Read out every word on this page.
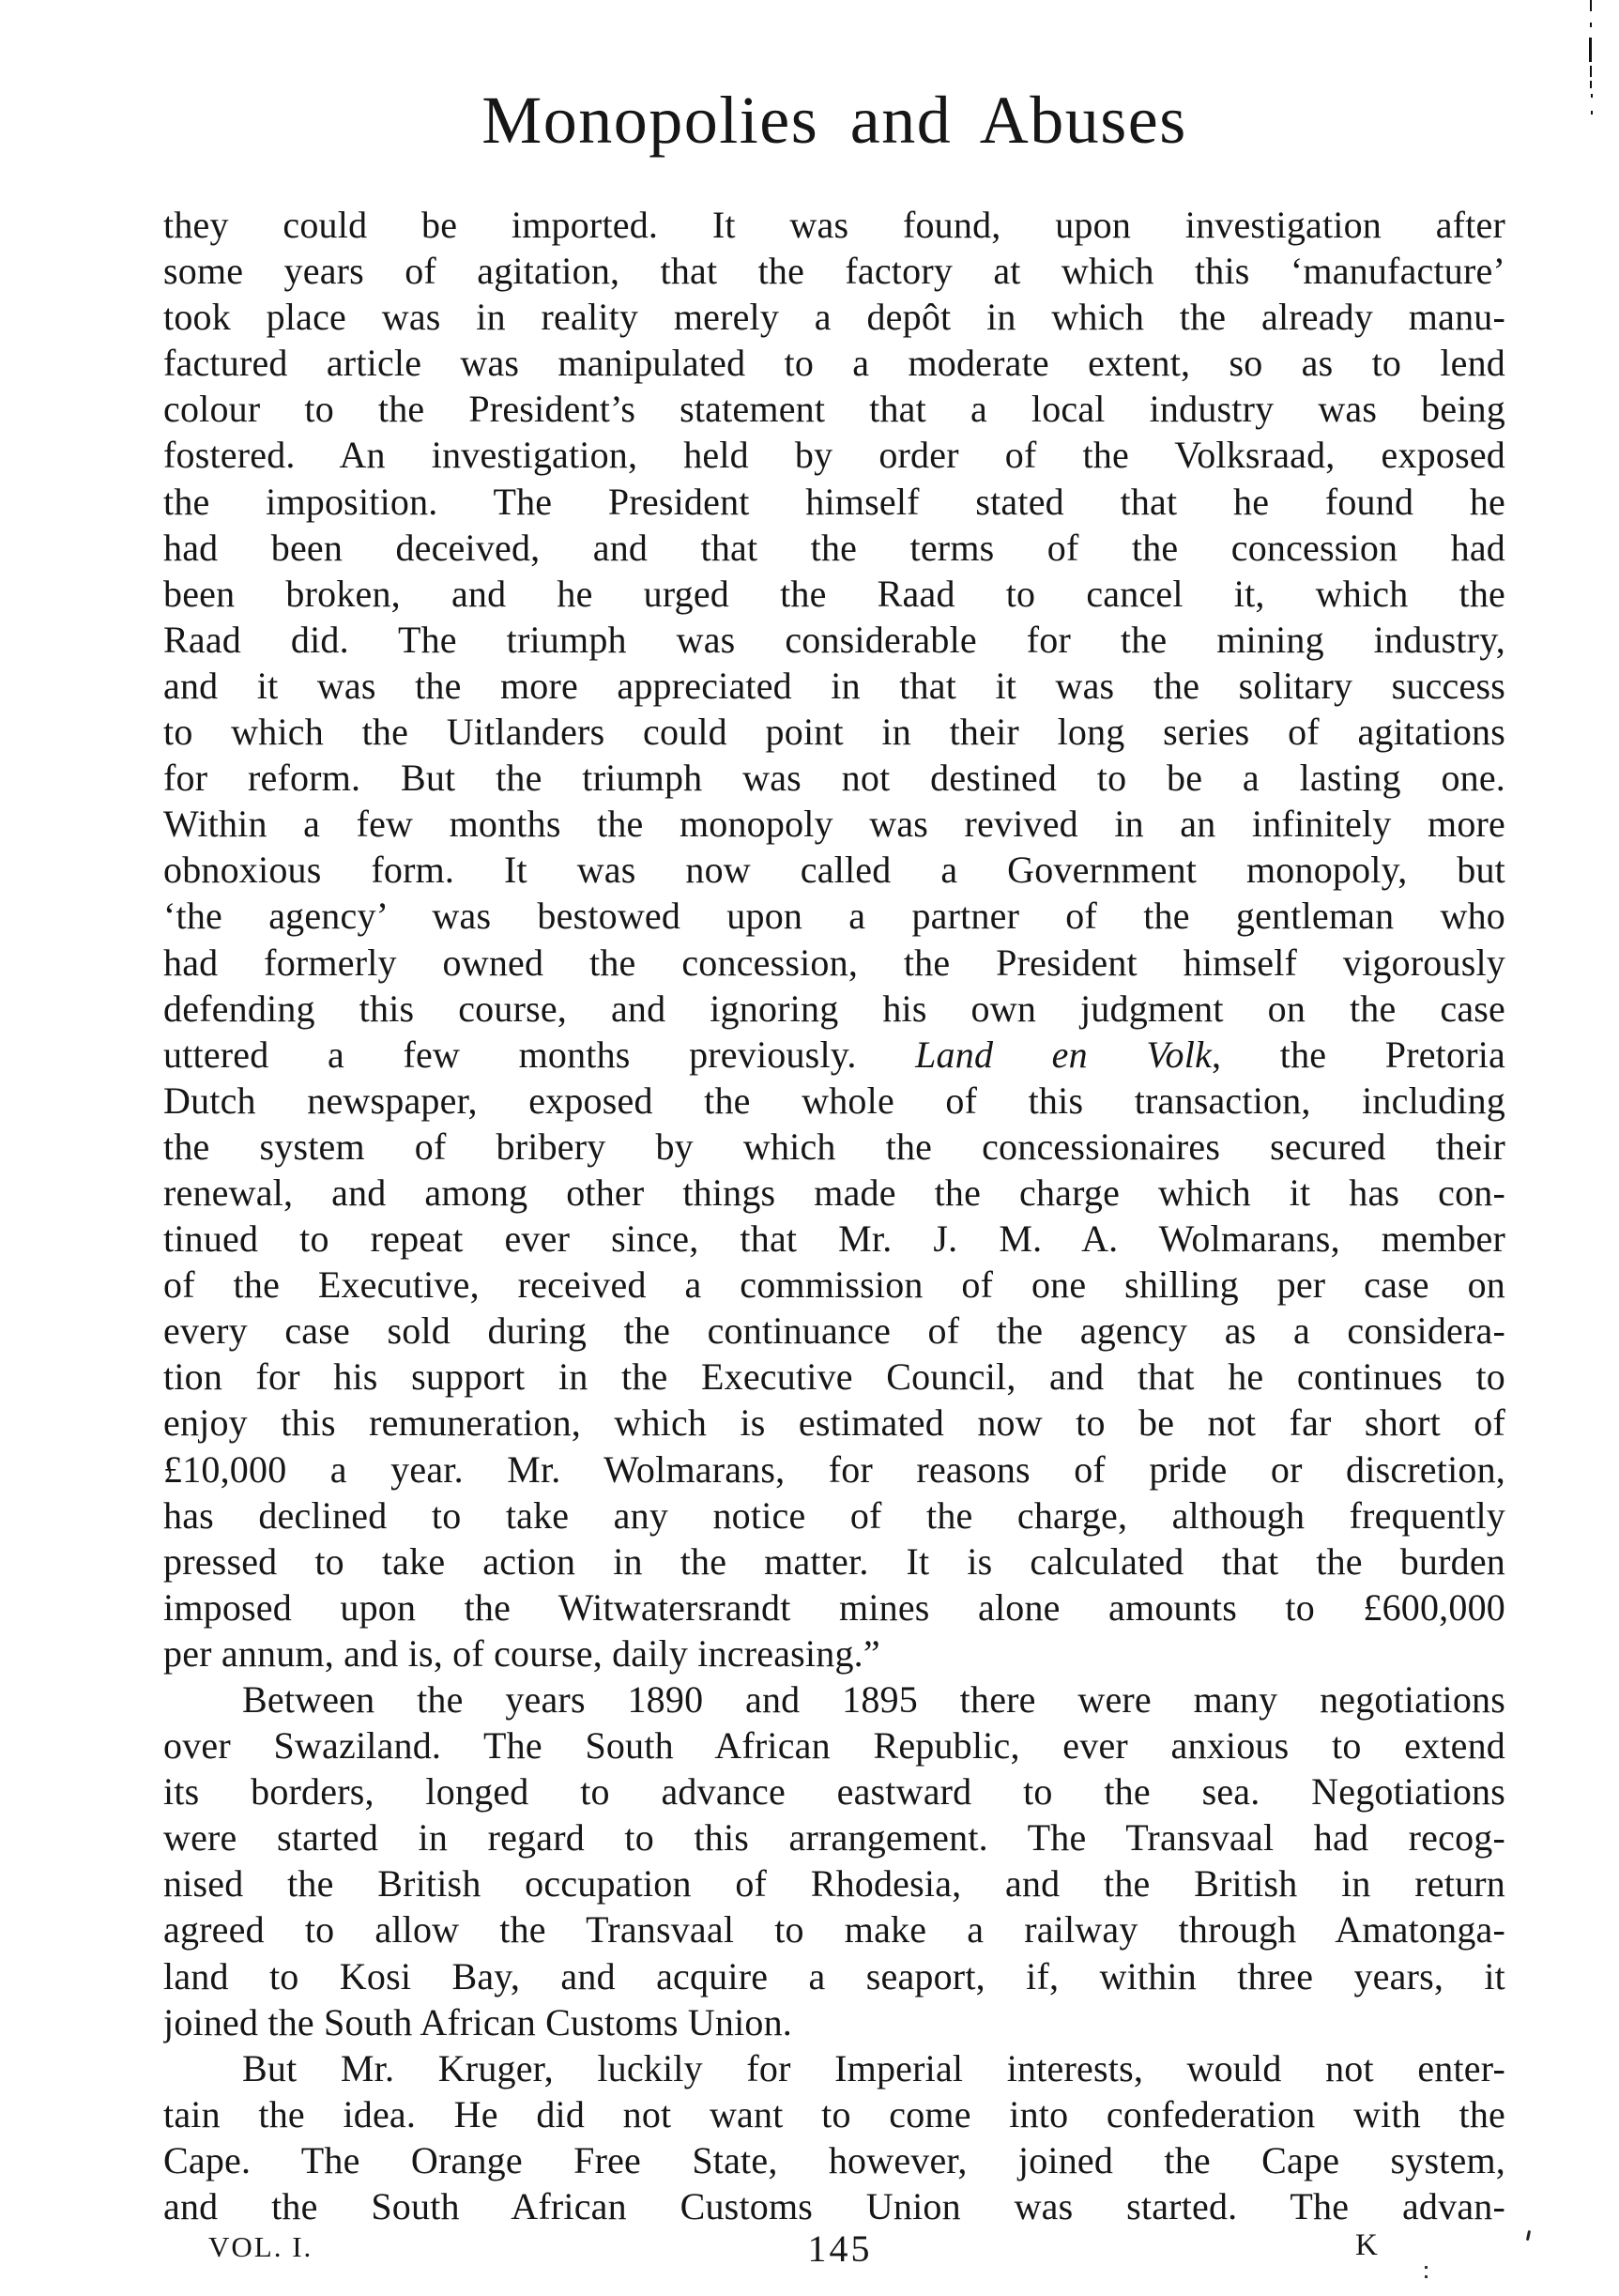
Monopolies and Abuses
they could be imported. It was found, upon investigation after
some years of agitation, that the factory at which this ‘manufacture’
took place was in reality merely a depôt in which the already manu-
factured article was manipulated to a moderate extent, so as to lend
colour to the President’s statement that a local industry was being
fostered. An investigation, held by order of the Volksraad, exposed
the imposition. The President himself stated that he found he
had been deceived, and that the terms of the concession had
been broken, and he urged the Raad to cancel it, which the
Raad did. The triumph was considerable for the mining industry,
and it was the more appreciated in that it was the solitary success
to which the Uitlanders could point in their long series of agitations
for reform. But the triumph was not destined to be a lasting one.
Within a few months the monopoly was revived in an infinitely more
obnoxious form. It was now called a Government monopoly, but
‘the agency’ was bestowed upon a partner of the gentleman who
had formerly owned the concession, the President himself vigorously
defending this course, and ignoring his own judgment on the case
uttered a few months previously. Land en Volk, the Pretoria
Dutch newspaper, exposed the whole of this transaction, including
the system of bribery by which the concessionaires secured their
renewal, and among other things made the charge which it has con-
tinued to repeat ever since, that Mr. J. M. A. Wolmarans, member
of the Executive, received a commission of one shilling per case on
every case sold during the continuance of the agency as a considera-
tion for his support in the Executive Council, and that he continues to
enjoy this remuneration, which is estimated now to be not far short of
£10,000 a year. Mr. Wolmarans, for reasons of pride or discretion,
has declined to take any notice of the charge, although frequently
pressed to take action in the matter. It is calculated that the burden
imposed upon the Witwatersrandt mines alone amounts to £600,000
per annum, and is, of course, daily increasing.”
Between the years 1890 and 1895 there were many negotiations
over Swaziland. The South African Republic, ever anxious to extend
its borders, longed to advance eastward to the sea. Negotiations
were started in regard to this arrangement. The Transvaal had recog-
nised the British occupation of Rhodesia, and the British in return
agreed to allow the Transvaal to make a railway through Amatonga-
land to Kosi Bay, and acquire a seaport, if, within three years, it
joined the South African Customs Union.
But Mr. Kruger, luckily for Imperial interests, would not enter-
tain the idea. He did not want to come into confederation with the
Cape. The Orange Free State, however, joined the Cape system,
and the South African Customs Union was started. The advan-
VOL. I.	145	K
